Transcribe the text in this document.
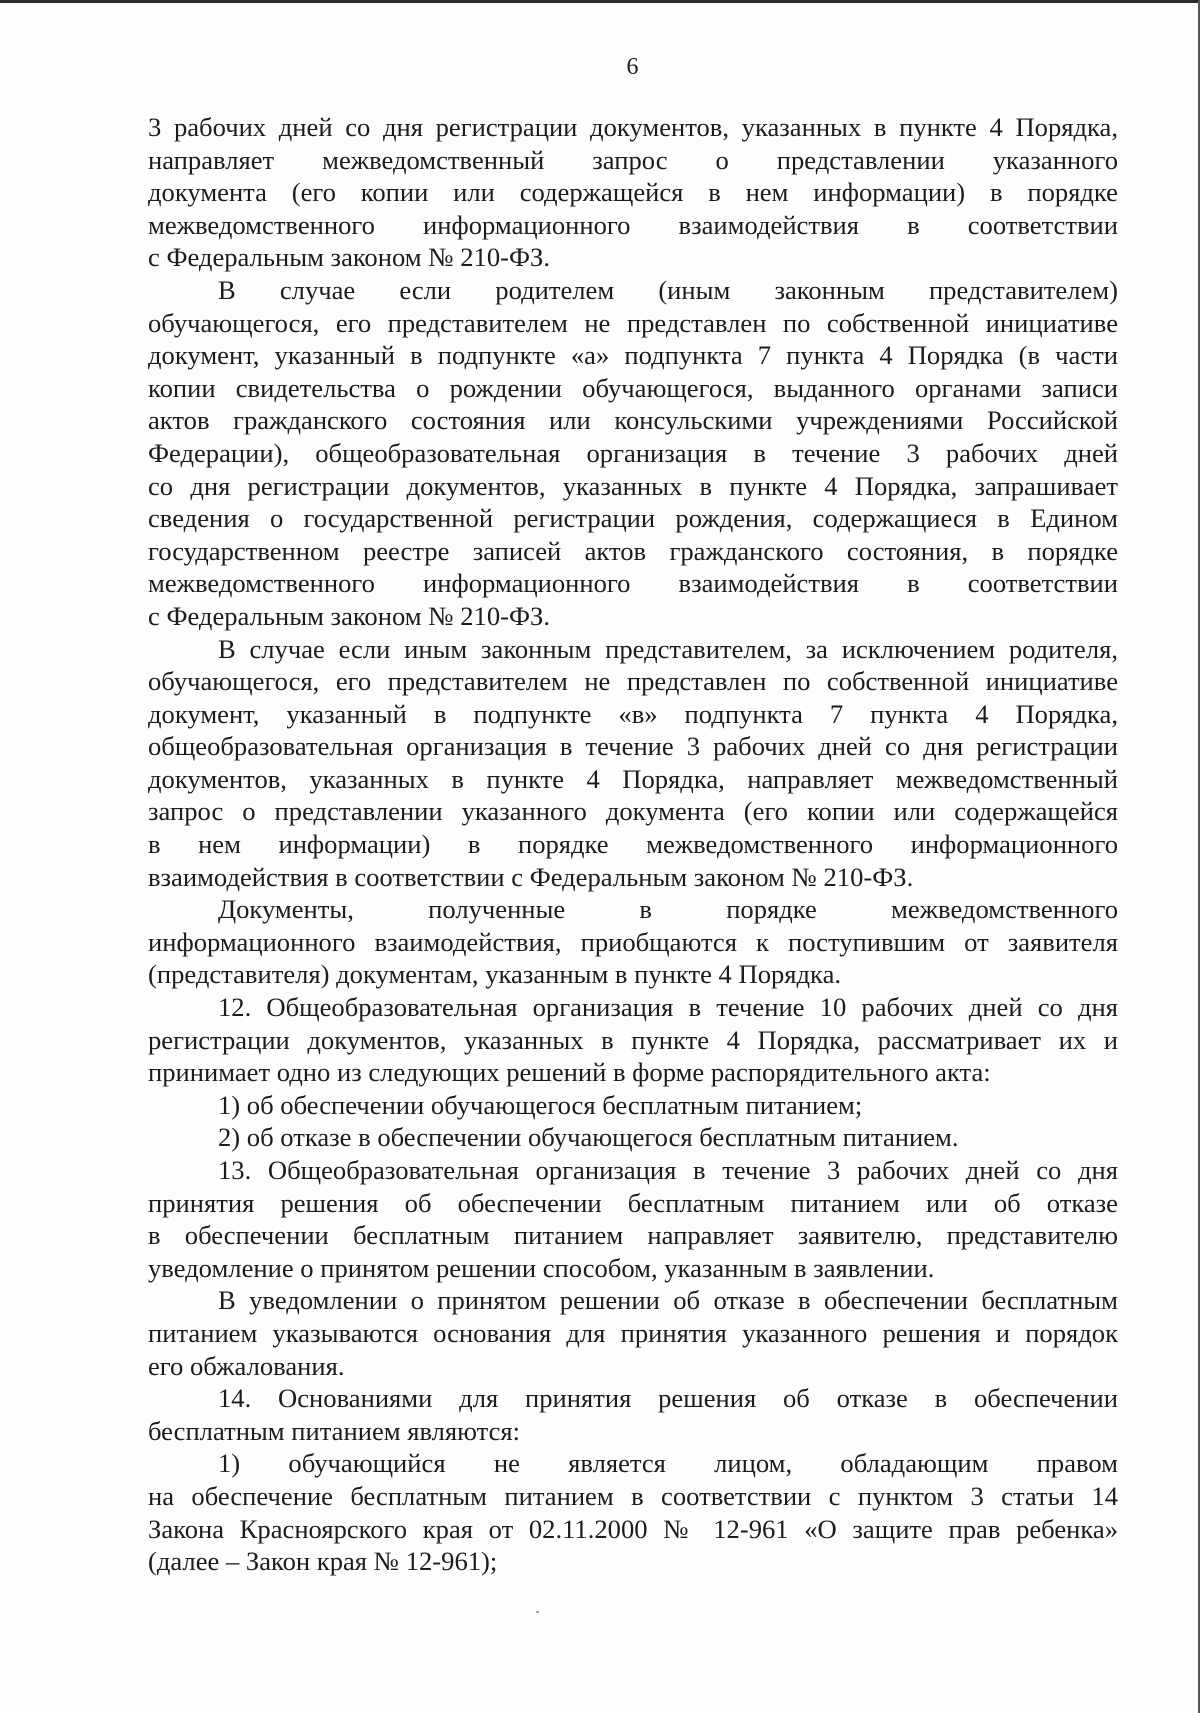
6
3 рабочих дней со дня регистрации документов, указанных в пункте 4 Порядка,
направляет межведомственный запрос о представлении указанного
документа (его копии или содержащейся в нем информации) в порядке
межведомственного информационного взаимодействия в соответствии
с Федеральным законом № 210-ФЗ.
В случае если родителем (иным законным представителем)
обучающегося, его представителем не представлен по собственной инициативе
документ, указанный в подпункте «а» подпункта 7 пункта 4 Порядка (в части
копии свидетельства о рождении обучающегося, выданного органами записи
актов гражданского состояния или консульскими учреждениями Российской
Федерации), общеобразовательная организация в течение 3 рабочих дней
со дня регистрации документов, указанных в пункте 4 Порядка, запрашивает
сведения о государственной регистрации рождения, содержащиеся в Едином
государственном реестре записей актов гражданского состояния, в порядке
межведомственного информационного взаимодействия в соответствии
с Федеральным законом № 210-ФЗ.
В случае если иным законным представителем, за исключением родителя,
обучающегося, его представителем не представлен по собственной инициативе
документ, указанный в подпункте «в» подпункта 7 пункта 4 Порядка,
общеобразовательная организация в течение 3 рабочих дней со дня регистрации
документов, указанных в пункте 4 Порядка, направляет межведомственный
запрос о представлении указанного документа (его копии или содержащейся
в нем информации) в порядке межведомственного информационного
взаимодействия в соответствии с Федеральным законом № 210-ФЗ.
Документы, полученные в порядке межведомственного
информационного взаимодействия, приобщаются к поступившим от заявителя
(представителя) документам, указанным в пункте 4 Порядка.
12. Общеобразовательная организация в течение 10 рабочих дней со дня
регистрации документов, указанных в пункте 4 Порядка, рассматривает их и
принимает одно из следующих решений в форме распорядительного акта:
1) об обеспечении обучающегося бесплатным питанием;
2) об отказе в обеспечении обучающегося бесплатным питанием.
13. Общеобразовательная организация в течение 3 рабочих дней со дня
принятия решения об обеспечении бесплатным питанием или об отказе
в обеспечении бесплатным питанием направляет заявителю, представителю
уведомление о принятом решении способом, указанным в заявлении.
В уведомлении о принятом решении об отказе в обеспечении бесплатным
питанием указываются основания для принятия указанного решения и порядок
его обжалования.
14. Основаниями для принятия решения об отказе в обеспечении
бесплатным питанием являются:
1) обучающийся не является лицом, обладающим правом
на обеспечение бесплатным питанием в соответствии с пунктом 3 статьи 14
Закона Красноярского края от 02.11.2000 № 12-961 «О защите прав ребенка»
(далее – Закон края № 12-961);
